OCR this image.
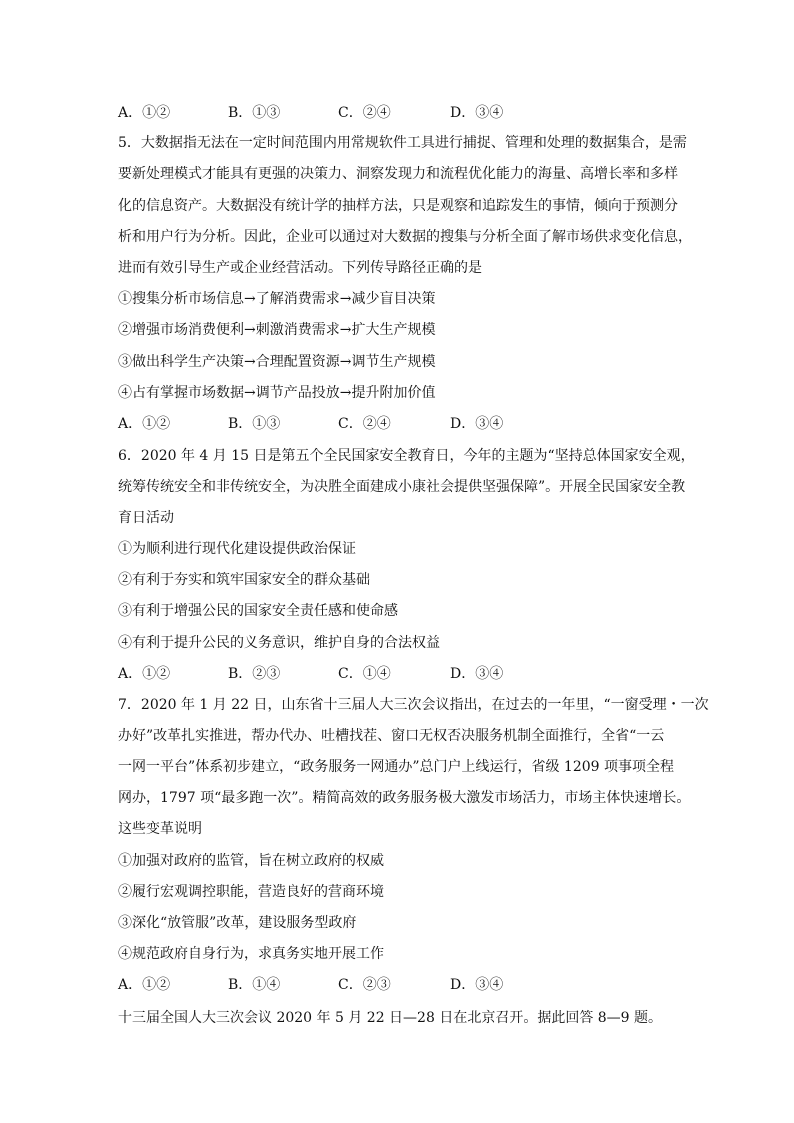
A．①②	B．①③	C．②④	D．③④
5．大数据指无法在一定时间范围内用常规软件工具进行捕捉、管理和处理的数据集合，是需
要新处理模式才能具有更强的决策力、洞察发现力和流程优化能力的海量、高增长率和多样
化的信息资产。大数据没有统计学的抽样方法，只是观察和追踪发生的事情，倾向于预测分
析和用户行为分析。因此，企业可以通过对大数据的搜集与分析全面了解市场供求变化信息，
进而有效引导生产或企业经营活动。下列传导路径正确的是
①搜集分析市场信息→了解消费需求→减少盲目决策
②增强市场消费便利→刺激消费需求→扩大生产规模
③做出科学生产决策→合理配置资源→调节生产规模
④占有掌握市场数据→调节产品投放→提升附加价值
A．①②	B．①③	C．②④	D．③④
6．2020 年 4 月 15 日是第五个全民国家安全教育日，今年的主题为“坚持总体国家安全观，
统筹传统安全和非传统安全，为决胜全面建成小康社会提供坚强保障”。开展全民国家安全教
育日活动
①为顺利进行现代化建设提供政治保证
②有利于夯实和筑牢国家安全的群众基础
③有利于增强公民的国家安全责任感和使命感
④有利于提升公民的义务意识，维护自身的合法权益
A．①②	B．②③	C．①④	D．③④
7．2020 年 1 月 22 日，山东省十三届人大三次会议指出，在过去的一年里，“一窗受理・一次
办好”改革扎实推进，帮办代办、吐槽找茬、窗口无权否决服务机制全面推行，全省“一云
一网一平台”体系初步建立，“政务服务一网通办”总门户上线运行，省级 1209 项事项全程
网办，1797 项“最多跑一次”。精简高效的政务服务极大激发市场活力，市场主体快速增长。
这些变革说明
①加强对政府的监管，旨在树立政府的权威
②履行宏观调控职能，营造良好的营商环境
③深化“放管服”改革，建设服务型政府
④规范政府自身行为，求真务实地开展工作
A．①②	B．①④	C．②③	D．③④
十三届全国人大三次会议 2020 年 5 月 22 日—28 日在北京召开。据此回答 8—9 题。
